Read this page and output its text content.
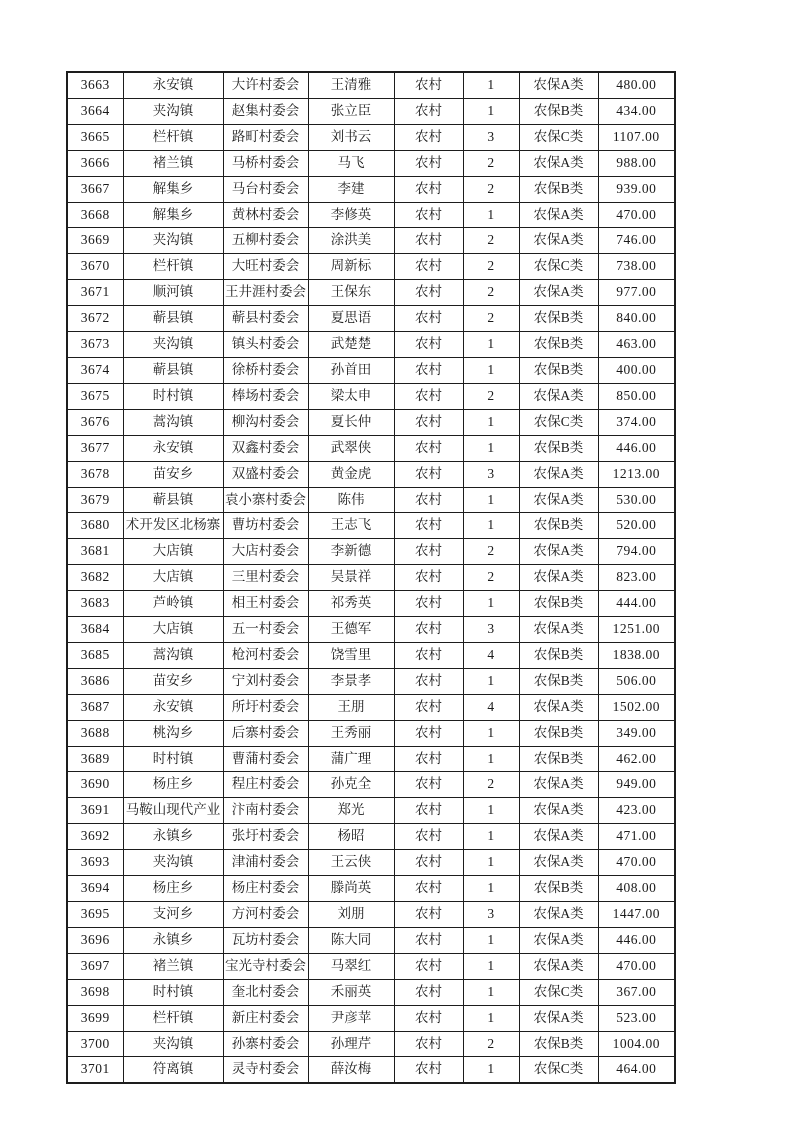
3663	永安镇	大许村委会	王清雅	农村	1	农保A类	480.00
3664	夹沟镇	赵集村委会	张立臣	农村	1	农保B类	434.00
3665	栏杆镇	路町村委会	刘书云	农村	3	农保C类	1107.00
3666	褚兰镇	马桥村委会	马飞	农村	2	农保A类	988.00
3667	解集乡	马台村委会	李建	农村	2	农保B类	939.00
3668	解集乡	黄林村委会	李修英	农村	1	农保A类	470.00
3669	夹沟镇	五柳村委会	涂洪美	农村	2	农保A类	746.00
3670	栏杆镇	大旺村委会	周新标	农村	2	农保C类	738.00
3671	顺河镇	王井涯村委会	王保东	农村	2	农保A类	977.00
3672	蕲县镇	蕲县村委会	夏思语	农村	2	农保B类	840.00
3673	夹沟镇	镇头村委会	武楚楚	农村	1	农保B类	463.00
3674	蕲县镇	徐桥村委会	孙首田	农村	1	农保B类	400.00
3675	时村镇	棒场村委会	梁太申	农村	2	农保A类	850.00
3676	蒿沟镇	柳沟村委会	夏长仲	农村	1	农保C类	374.00
3677	永安镇	双鑫村委会	武翠侠	农村	1	农保B类	446.00
3678	苗安乡	双盛村委会	黄金虎	农村	3	农保A类	1213.00
3679	蕲县镇	袁小寨村委会	陈伟	农村	1	农保A类	530.00
3680	术开发区北杨寨	曹坊村委会	王志飞	农村	1	农保B类	520.00
3681	大店镇	大店村委会	李新德	农村	2	农保A类	794.00
3682	大店镇	三里村委会	吴景祥	农村	2	农保A类	823.00
3683	芦岭镇	相王村委会	祁秀英	农村	1	农保B类	444.00
3684	大店镇	五一村委会	王德军	农村	3	农保A类	1251.00
3685	蒿沟镇	枪河村委会	饶雪里	农村	4	农保B类	1838.00
3686	苗安乡	宁刘村委会	李景孝	农村	1	农保B类	506.00
3687	永安镇	所圩村委会	王朋	农村	4	农保A类	1502.00
3688	桃沟乡	后寨村委会	王秀丽	农村	1	农保B类	349.00
3689	时村镇	曹蒲村委会	蒲广理	农村	1	农保B类	462.00
3690	杨庄乡	程庄村委会	孙克全	农村	2	农保A类	949.00
3691	马鞍山现代产业	汴南村委会	郑光	农村	1	农保A类	423.00
3692	永镇乡	张圩村委会	杨昭	农村	1	农保A类	471.00
3693	夹沟镇	津浦村委会	王云侠	农村	1	农保A类	470.00
3694	杨庄乡	杨庄村委会	滕尚英	农村	1	农保B类	408.00
3695	支河乡	方河村委会	刘朋	农村	3	农保A类	1447.00
3696	永镇乡	瓦坊村委会	陈大同	农村	1	农保A类	446.00
3697	褚兰镇	宝光寺村委会	马翠红	农村	1	农保A类	470.00
3698	时村镇	奎北村委会	禾丽英	农村	1	农保C类	367.00
3699	栏杆镇	新庄村委会	尹彦苹	农村	1	农保A类	523.00
3700	夹沟镇	孙寨村委会	孙理芹	农村	2	农保B类	1004.00
3701	符离镇	灵寺村委会	薛汝梅	农村	1	农保C类	464.00
